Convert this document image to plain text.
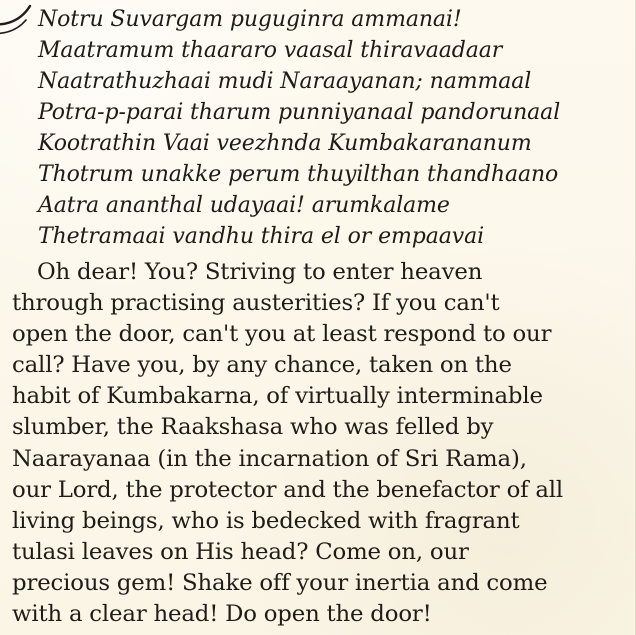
Notru Suvargam puguginra ammanai!
Maatramum thaararo vaasal thiravaadaar
Naatrathuzhaai mudi Naraayanan; nammaal
Potra-p-parai tharum punniyanaal pandorunaal
Kootrathin Vaai veezhnda Kumbakarananum
Thotrum unakke perum thuyilthan thandhaano
Aatra ananthal udayaai! arumkalame
Thetramaai vandhu thira el or empaavai
Oh dear! You? Striving to enter heaven
through practising austerities? If you can't
open the door, can't you at least respond to our
call? Have you, by any chance, taken on the
habit of Kumbakarna, of virtually interminable
slumber, the Raakshasa who was felled by
Naarayanaa (in the incarnation of Sri Rama),
our Lord, the protector and the benefactor of all
living beings, who is bedecked with fragrant
tulasi leaves on His head? Come on, our
precious gem! Shake off your inertia and come
with a clear head! Do open the door!
